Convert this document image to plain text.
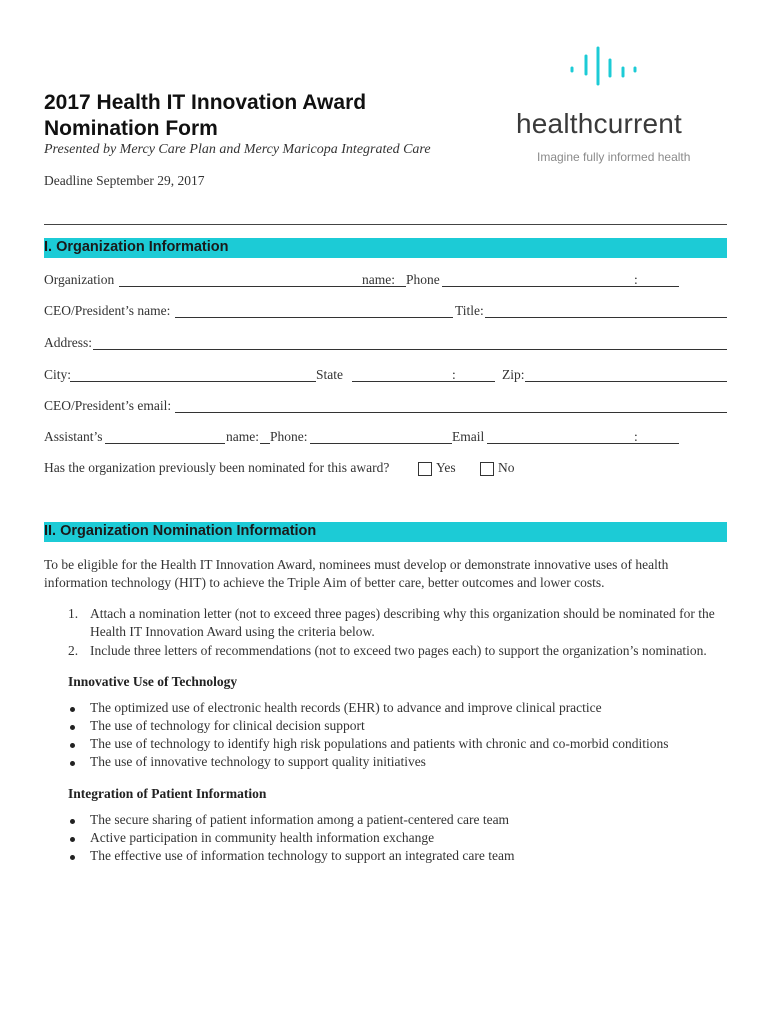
2017 Health IT Innovation Award
Nomination Form
Presented by Mercy Care Plan and Mercy Maricopa Integrated Care
Deadline September 29, 2017
healthcurrent
Imagine fully informed health
I. Organization Information
Organization	name: Phone	:
CEO/President’s name:	Title:
Address:
City:	State	:	Zip:
CEO/President’s email:
Assistant’s	name: Phone:	Email	:
Has the organization previously been nominated for this award?	Yes	No
II. Organization Nomination Information
To be eligible for the Health IT Innovation Award, nominees must develop or demonstrate innovative uses of health
information technology (HIT) to achieve the Triple Aim of better care, better outcomes and lower costs.
1. Attach a nomination letter (not to exceed three pages) describing why this organization should be nominated for the
Health IT Innovation Award using the criteria below.
2. Include three letters of recommendations (not to exceed two pages each) to support the organization’s nomination.
Innovative Use of Technology
The optimized use of electronic health records (EHR) to advance and improve clinical practice
The use of technology for clinical decision support
The use of technology to identify high risk populations and patients with chronic and co-morbid conditions
The use of innovative technology to support quality initiatives
Integration of Patient Information
The secure sharing of patient information among a patient-centered care team
Active participation in community health information exchange
The effective use of information technology to support an integrated care team
